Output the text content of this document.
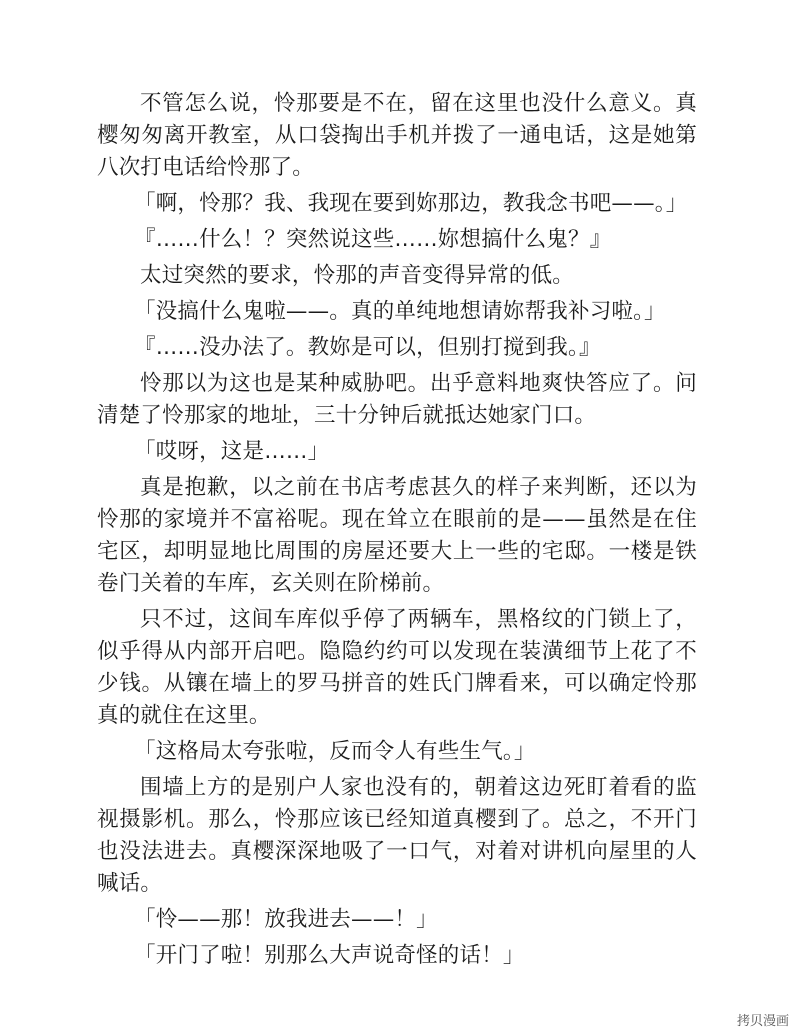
不管怎么说，怜那要是不在，留在这里也没什么意义。真樱匆匆离开教室，从口袋掏出手机并拨了一通电话，这是她第八次打电话给怜那了。

「啊，怜那？我、我现在要到妳那边，教我念书吧——。」

『……什么！？突然说这些……妳想搞什么鬼？』

太过突然的要求，怜那的声音变得异常的低。

「没搞什么鬼啦——。真的单纯地想请妳帮我补习啦。」

『……没办法了。教妳是可以，但别打搅到我。』

怜那以为这也是某种威胁吧。出乎意料地爽快答应了。问清楚了怜那家的地址，三十分钟后就抵达她家门口。

「哎呀，这是……」

真是抱歉，以之前在书店考虑甚久的样子来判断，还以为怜那的家境并不富裕呢。现在耸立在眼前的是——虽然是在住宅区，却明显地比周围的房屋还要大上一些的宅邸。一楼是铁卷门关着的车库，玄关则在阶梯前。

只不过，这间车库似乎停了两辆车，黑格纹的门锁上了，似乎得从内部开启吧。隐隐约约可以发现在装潢细节上花了不少钱。从镶在墙上的罗马拼音的姓氏门牌看来，可以确定怜那真的就住在这里。

「这格局太夸张啦，反而令人有些生气。」

围墙上方的是别户人家也没有的，朝着这边死盯着看的监视摄影机。那么，怜那应该已经知道真樱到了。总之，不开门也没法进去。真樱深深地吸了一口气，对着对讲机向屋里的人喊话。

「怜——那！放我进去——！」

「开门了啦！别那么大声说奇怪的话！」

拷贝漫画
